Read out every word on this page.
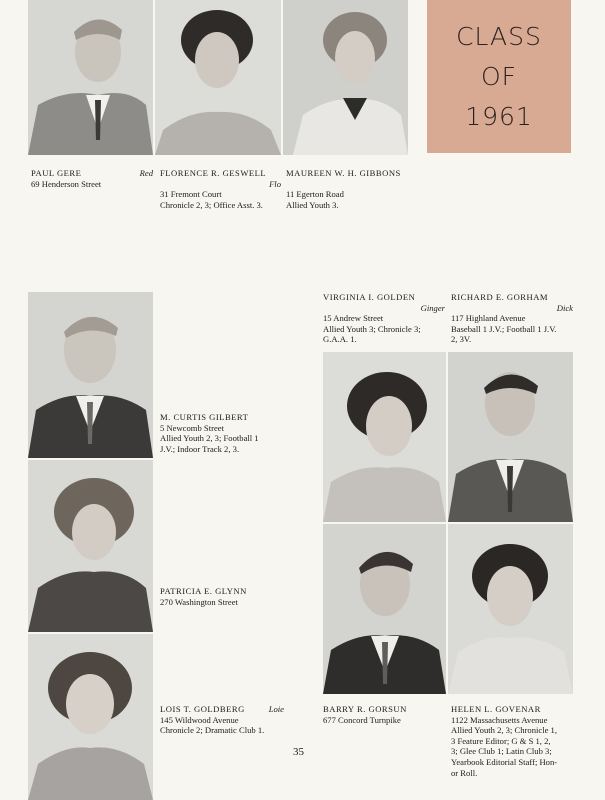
CLASS
OF
1961
PAUL GERE	Red
69 Henderson Street
FLORENCE R. GESWELL
Flo
31 Fremont Court
Chronicle 2, 3; Office Asst. 3.
MAUREEN W. H. GIBBONS
11 Egerton Road
Allied Youth 3.
M. CURTIS GILBERT
5 Newcomb Street
Allied Youth 2, 3; Football 1
J.V.; Indoor Track 2, 3.
PATRICIA E. GLYNN
270 Washington Street
LOIS T. GOLDBERG	Loie
145 Wildwood Avenue
Chronicle 2; Dramatic Club 1.
VIRGINIA I. GOLDEN
Ginger
15 Andrew Street
Allied Youth 3; Chronicle 3;
G.A.A. 1.
RICHARD E. GORHAM
Dick
117 Highland Avenue
Baseball 1 J.V.; Football 1 J.V.
2, 3V.
BARRY R. GORSUN
677 Concord Turnpike
HELEN L. GOVENAR
1122 Massachusetts Avenue
Allied Youth 2, 3; Chronicle 1,
3 Feature Editor; G & S 1, 2,
3; Glee Club 1; Latin Club 3;
Yearbook Editorial Staff; Hon-
or Roll.
35
